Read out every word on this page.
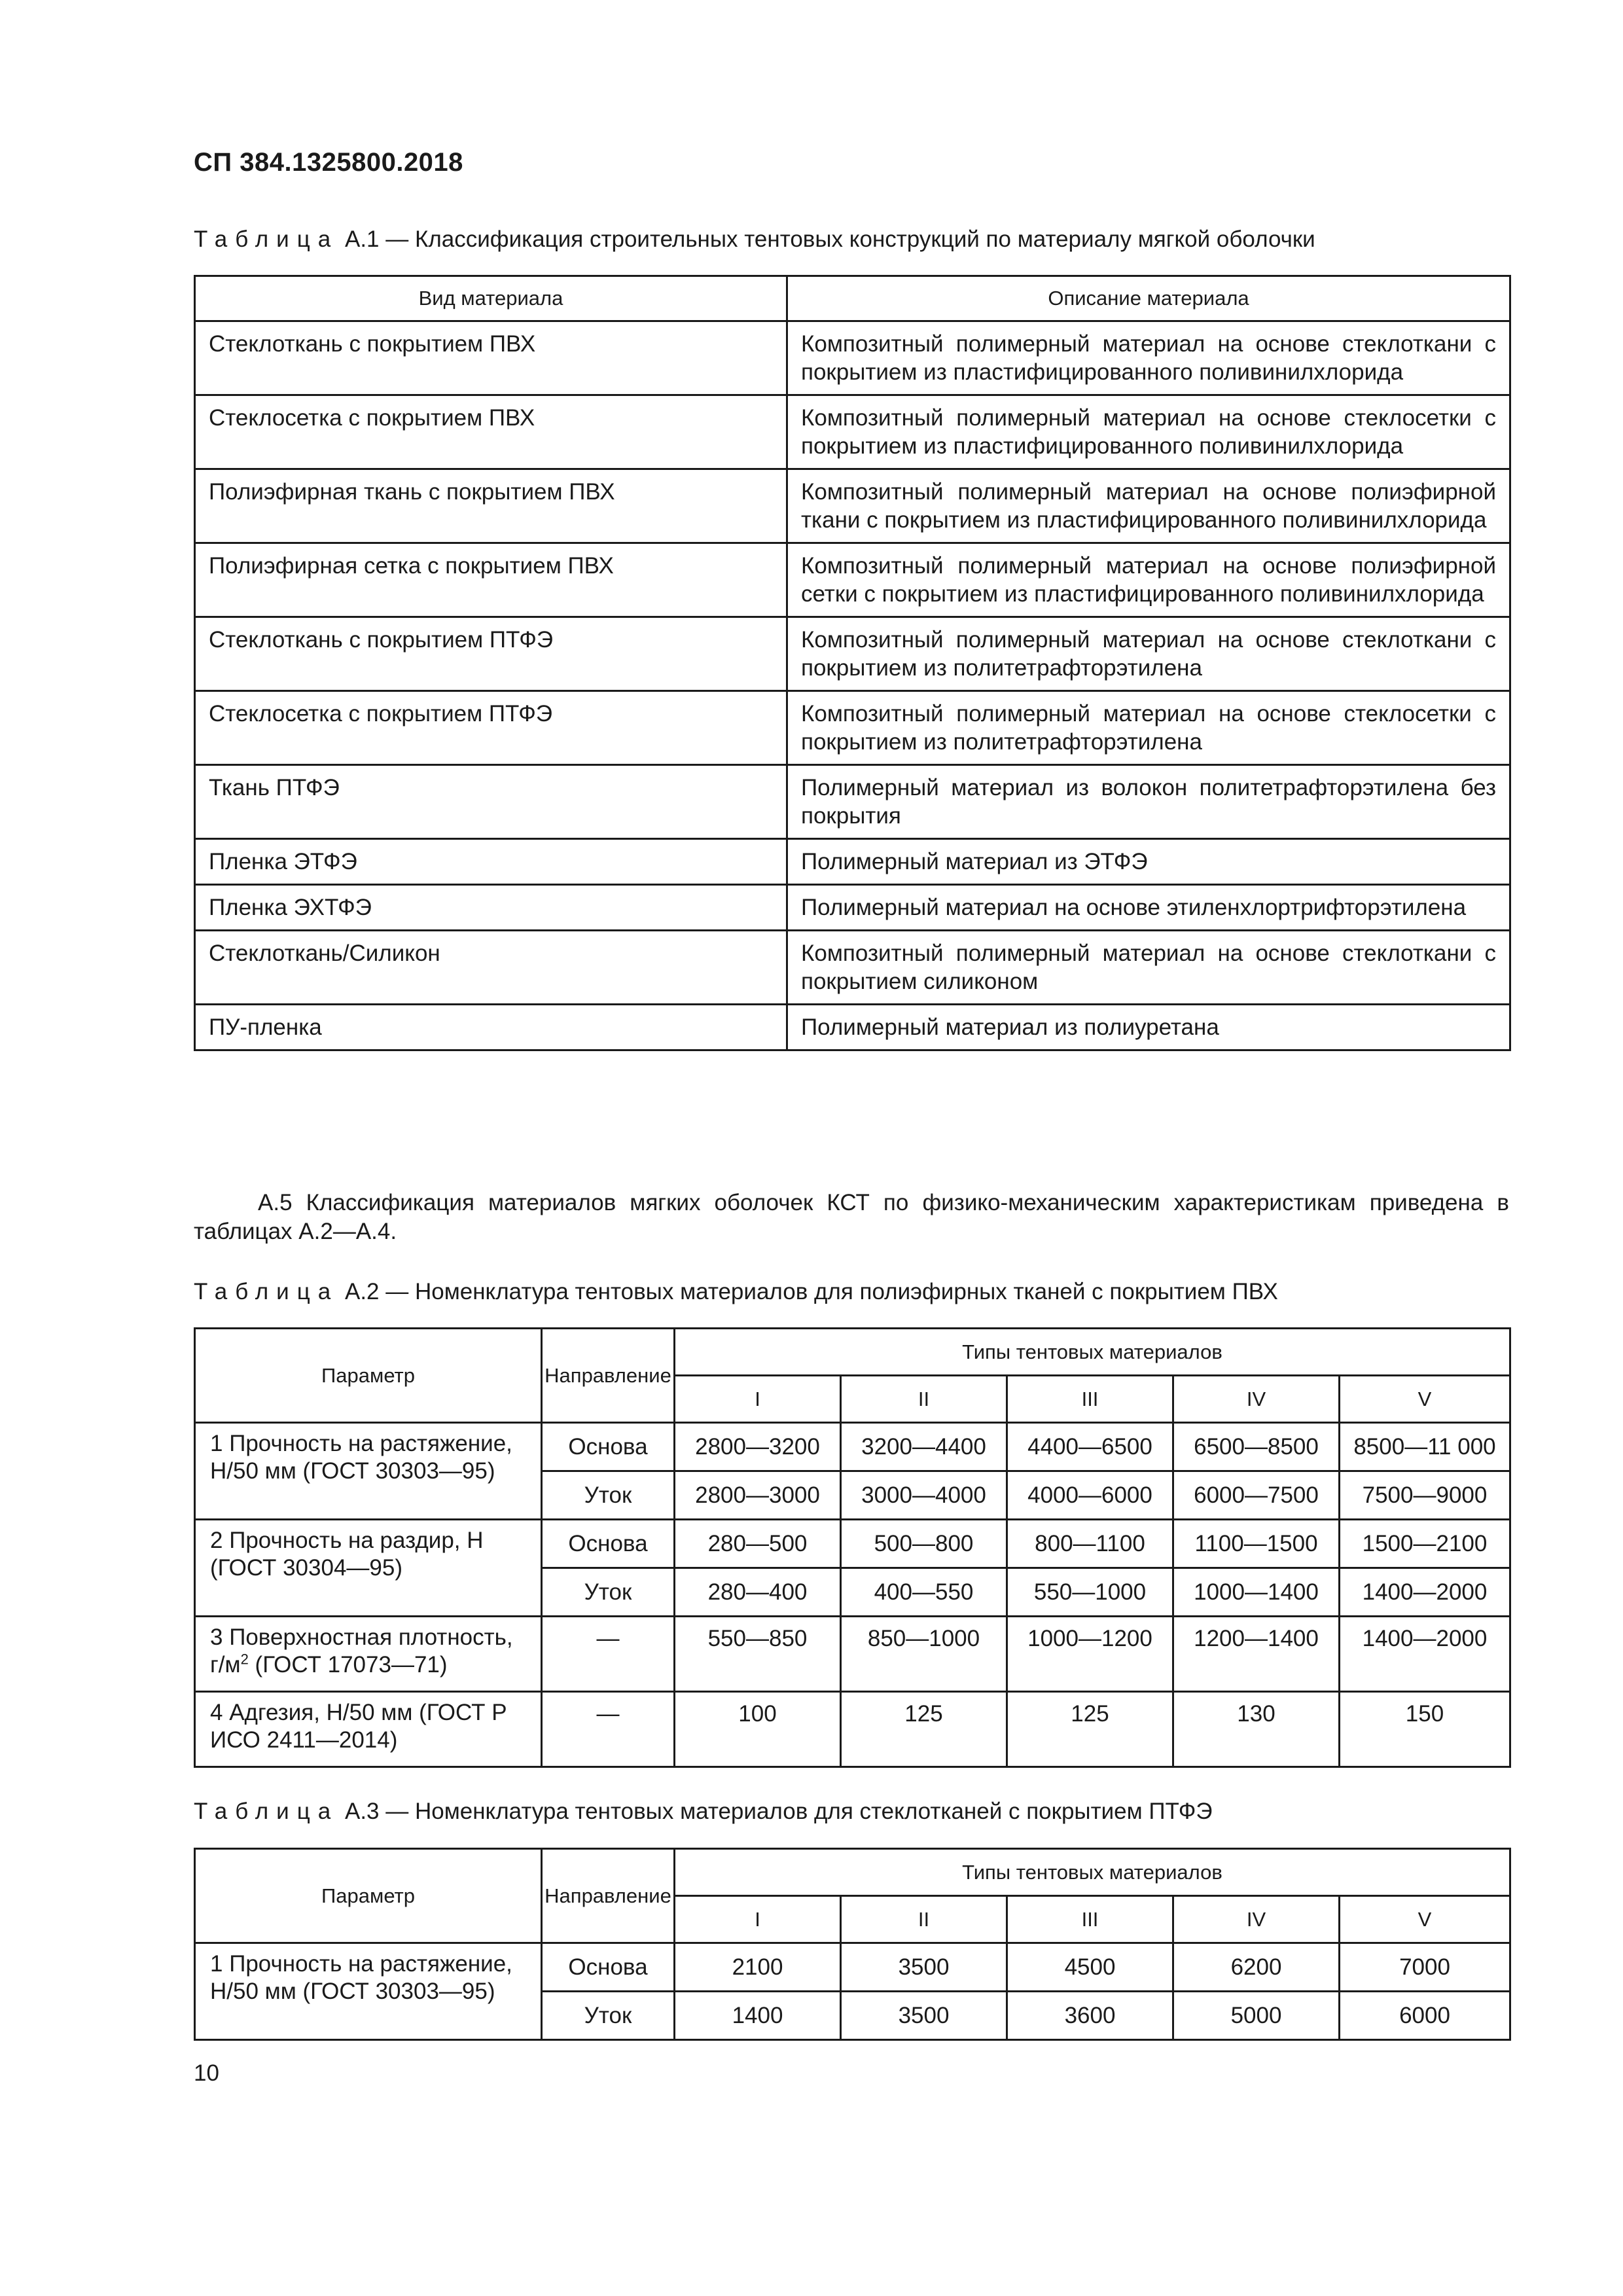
СП 384.1325800.2018
Таблица А.1 — Классификация строительных тентовых конструкций по материалу мягкой оболочки
Вид материала	Описание материала
Стеклоткань с покрытием ПВХ	Композитный полимерный материал на основе стеклоткани с покрытием из пластифицированного поливинилхлорида
Стеклосетка с покрытием ПВХ	Композитный полимерный материал на основе стеклосетки с покрытием из пластифицированного поливинилхлорида
Полиэфирная ткань с покрытием ПВХ	Композитный полимерный материал на основе полиэфирной ткани с покрытием из пластифицированного поливинилхлорида
Полиэфирная сетка с покрытием ПВХ	Композитный полимерный материал на основе полиэфирной сетки с покрытием из пластифицированного поливинилхлорида
Стеклоткань с покрытием ПТФЭ	Композитный полимерный материал на основе стеклоткани с покрытием из политетрафторэтилена
Стеклосетка с покрытием ПТФЭ	Композитный полимерный материал на основе стеклосетки с покрытием из политетрафторэтилена
Ткань ПТФЭ	Полимерный материал из волокон политетрафторэтилена без покрытия
Пленка ЭТФЭ	Полимерный материал из ЭТФЭ
Пленка ЭХТФЭ	Полимерный материал на основе этиленхлортрифторэтилена
Стеклоткань/Силикон	Композитный полимерный материал на основе стеклоткани с покрытием силиконом
ПУ-пленка	Полимерный материал из полиуретана
А.5 Классификация материалов мягких оболочек КСТ по физико-механическим характеристикам приведена в таблицах А.2—А.4.
Таблица А.2 — Номенклатура тентовых материалов для полиэфирных тканей с покрытием ПВХ
Параметр	Направление	Типы тентовых материалов				
		I	II	III	IV	V
1 Прочность на растяжение, Н/50 мм (ГОСТ 30303—95)	Основа	2800—3200	3200—4400	4400—6500	6500—8500	8500—11 000
	Уток	2800—3000	3000—4000	4000—6000	6000—7500	7500—9000
2 Прочность на раздир, Н (ГОСТ 30304—95)	Основа	280—500	500—800	800—1100	1100—1500	1500—2100
	Уток	280—400	400—550	550—1000	1000—1400	1400—2000
3 Поверхностная плотность,
$г/м^2$ (ГОСТ 17073—71)	—	550—850	850—1000	1000—1200	1200—1400	1400—2000
4 Адгезия, Н/50 мм (ГОСТ Р ИСО 2411—2014)	—	100	125	125	130	150
Таблица А.3 — Номенклатура тентовых материалов для стеклотканей с покрытием ПТФЭ
Параметр	Направление	Типы тентовых материалов				
		I	II	III	IV	V
1 Прочность на растяжение, Н/50 мм (ГОСТ 30303—95)	Основа	2100	3500	4500	6200	7000
	Уток	1400	3500	3600	5000	6000
10
